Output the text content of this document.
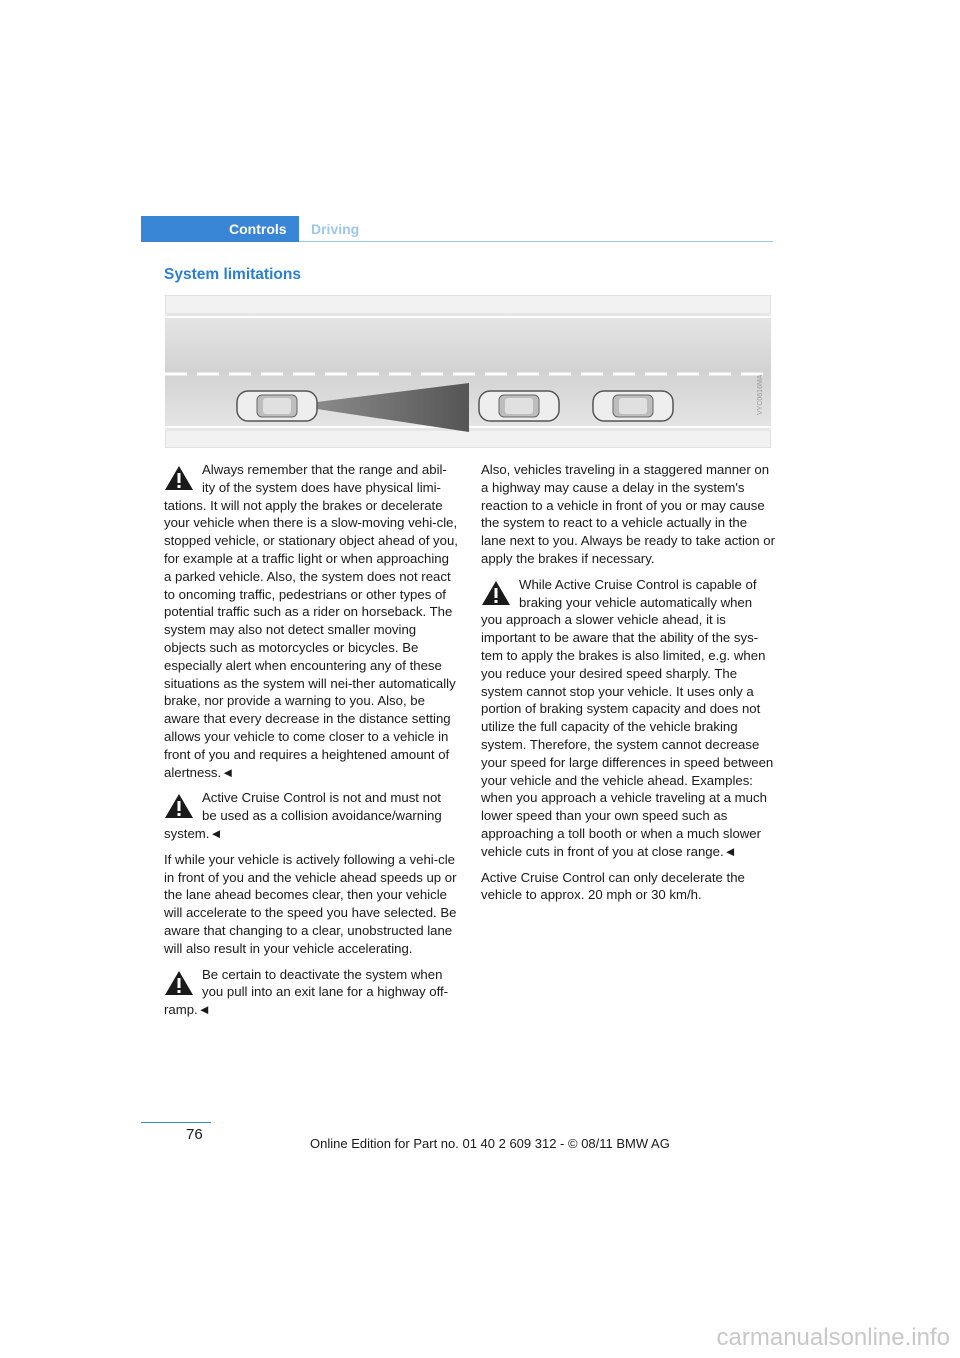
Controls Driving
System limitations
VYC0616MA

Always remember that the range and abil-ity of the system does have physical limi-tations. It will not apply the brakes or decelerate your vehicle when there is a slow-moving vehi-cle, stopped vehicle, or stationary object ahead of you, for example at a traffic light or when approaching a parked vehicle. Also, the system does not react to oncoming traffic, pedestrians or other types of potential traffic such as a rider on horseback. The system may also not detect smaller moving objects such as motorcycles or bicycles. Be especially alert when encountering any of these situations as the system will nei-ther automatically brake, nor provide a warning to you. Also, be aware that every decrease in the distance setting allows your vehicle to come closer to a vehicle in front of you and requires a heightened amount of alertness.◄

Active Cruise Control is not and must not be used as a collision avoidance/warning system.◄

If while your vehicle is actively following a vehi-cle in front of you and the vehicle ahead speeds up or the lane ahead becomes clear, then your vehicle will accelerate to the speed you have selected. Be aware that changing to a clear, unobstructed lane will also result in your vehicle accelerating.

Be certain to deactivate the system when you pull into an exit lane for a highway off-ramp.◄

Also, vehicles traveling in a staggered manner on a highway may cause a delay in the system's reaction to a vehicle in front of you or may cause the system to react to a vehicle actually in the lane next to you. Always be ready to take action or apply the brakes if necessary.

While Active Cruise Control is capable of braking your vehicle automatically when you approach a slower vehicle ahead, it is important to be aware that the ability of the sys-tem to apply the brakes is also limited, e.g. when you reduce your desired speed sharply. The system cannot stop your vehicle. It uses only a portion of braking system capacity and does not utilize the full capacity of the vehicle braking system. Therefore, the system cannot decrease your speed for large differences in speed between your vehicle and the vehicle ahead. Examples: when you approach a vehicle traveling at a much lower speed than your own speed such as approaching a toll booth or when a much slower vehicle cuts in front of you at close range.◄

Active Cruise Control can only decelerate the vehicle to approx. 20 mph or 30 km/h.

76
Online Edition for Part no. 01 40 2 609 312 - © 08/11 BMW AG
carmanualsonline.info
